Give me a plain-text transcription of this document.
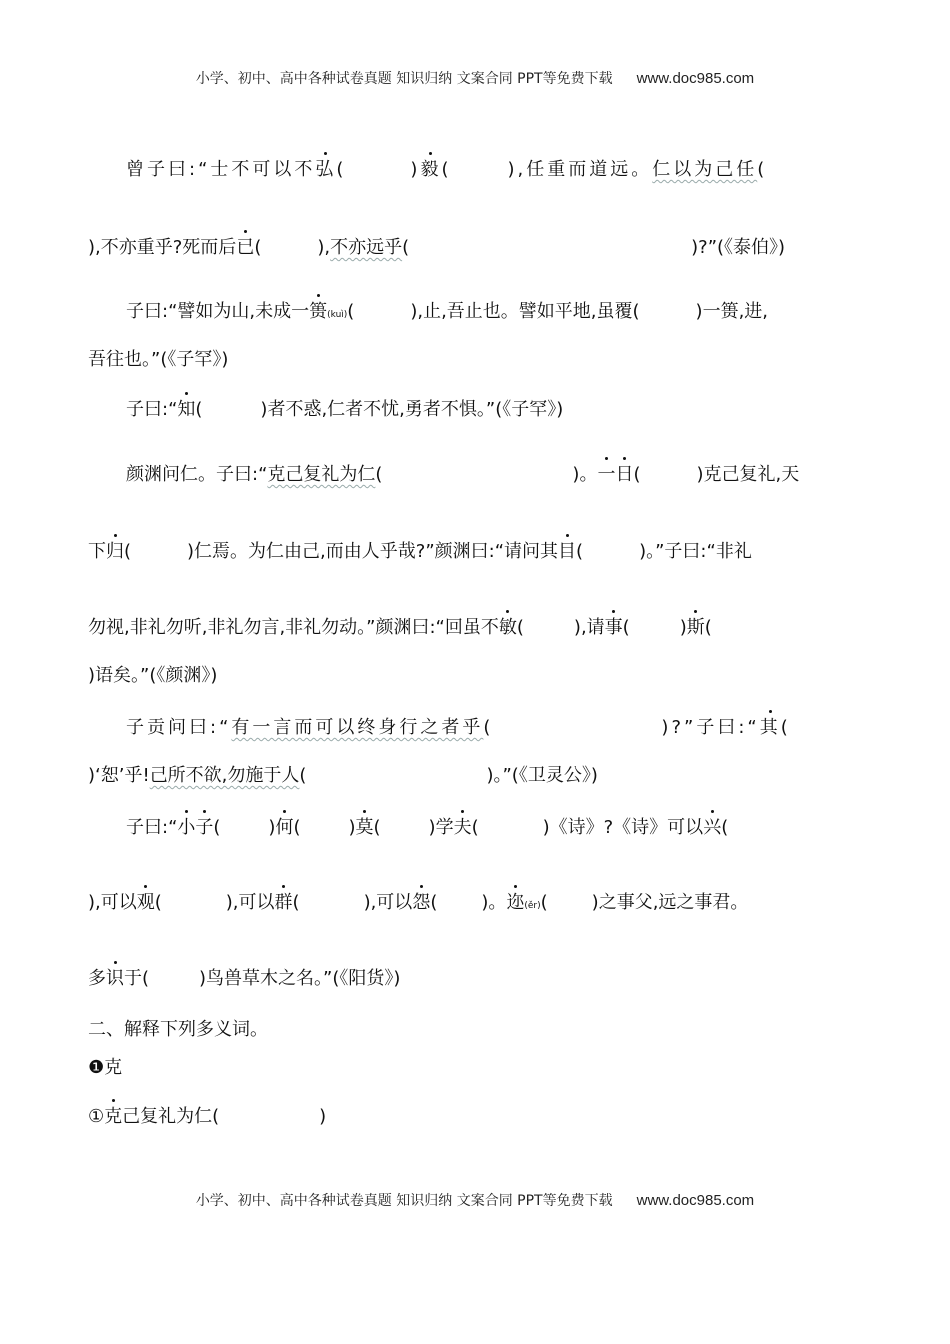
小学、初中、高中各种试卷真题 知识归纳 文案合同 PPT等免费下载 www.doc985.com
曾子曰:“士不可以不弘(	)毅(	),任重而道远。仁以为己任(
),不亦重乎?死而后已(	),不亦远乎(	)?”(《泰伯》)
子曰:“譬如为山,未成一篑(kuì)(	),止,吾止也。譬如平地,虽覆(	)一篑,进,
吾往也。”(《子罕》)
子曰:“知(	)者不惑,仁者不忧,勇者不惧。”(《子罕》)
颜渊问仁。子曰:“克己复礼为仁(	)。一日(	)克己复礼,天
下归(	)仁焉。为仁由己,而由人乎哉?”颜渊曰:“请问其目(	)。”子曰:“非礼
勿视,非礼勿听,非礼勿言,非礼勿动。”颜渊曰:“回虽不敏(	),请事(	)斯(
)语矣。”(《颜渊》)
子贡问曰:“有一言而可以终身行之者乎(	)?”子曰:“其(
)‘恕’乎!己所不欲,勿施于人(	)。”(《卫灵公》)
子曰:“小子(	)何(	)莫(	)学夫(	)《诗》?《诗》可以兴(
),可以观(	),可以群(	),可以怨( )。迩(ěr)( )之事父,远之事君。
多识于(	)鸟兽草木之名。”(《阳货》)
二、解释下列多义词。
❶克
①克己复礼为仁(	)
小学、初中、高中各种试卷真题 知识归纳 文案合同 PPT等免费下载 www.doc985.com
